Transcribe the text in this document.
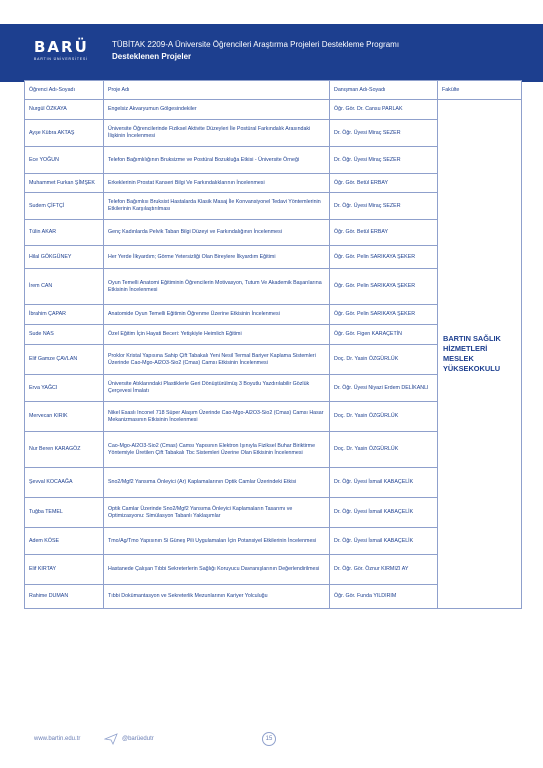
BARÜ
BARTIN ÜNİVERSİTESİ
TÜBİTAK 2209-A Üniversite Öğrencileri Araştırma Projeleri Destekleme Programı
Desteklenen Projeler
Öğrenci Adı-Soyadı	Proje Adı	Danışman Adı-Soyadı	Fakülte
Nurgül ÖZKAYA	Engelsiz Akvaryumun Gölgesindekiler	Öğr. Gör. Dr. Cansu PARLAK	BARTIN SAĞLIK HİZMETLERİ MESLEK YÜKSEKOKULU
Ayşe Kübra AKTAŞ	Üniversite Öğrencilerinde Fiziksel Aktivite Düzeyleri İle Postüral Farkındalık Arasındaki İlişkinin İncelenmesi	Dr. Öğr. Üyesi Miraç SEZER	
Ece YOĞUN	Telefon Bağımlılığının Bruksizme ve Postüral Bozukluğa Etkisi - Üniversite Örneği	Dr. Öğr. Üyesi Miraç SEZER	
Muhammet Furkan ŞİMŞEK	Erkeklerinin Prostat Kanseri Bilgi Ve Farkındalıklarının İncelenmesi	Öğr. Gör. Betül ERBAY	
Sudem ÇİFTÇİ	Telefon Bağımlısı Bruksist Hastalarda Klasik Masaj İle Konvansiyonel Tedavi Yöntemlerinin Etkilerinin Karşılaştırılması	Dr. Öğr. Üyesi Miraç SEZER	
Tülin AKAR	Genç Kadınlarda Pelvik Taban Bilgi Düzeyi ve Farkındalığının İncelenmesi	Öğr. Gör. Betül ERBAY	
Hilal GÖKGÜNEY	Her Yerde İlkyardım; Görme Yetersizliği Olan Bireylere İlkyardım Eğitimi	Öğr. Gör. Pelin SARIKAYA ŞEKER	
İrem CAN	Oyun Temelli Anatomi Eğitiminin Öğrencilerin Motivasyon, Tutum Ve Akademik Başarılarına Etkisinin İncelenmesi	Öğr. Gör. Pelin SARIKAYA ŞEKER	
İbrahim ÇAPAR	Anatomide Oyun Temelli Eğitimin Öğrenme Üzerine Etkisinin İncelenmesi	Öğr. Gör. Pelin SARIKAYA ŞEKER	
Sude NAS	Özel Eğitim İçin Hayati Beceri: Yetişkiyle Heimlich Eğitimi	Öğr. Gör. Figen KARAÇETİN	
Elif Gamze ÇAVLAN	Proklor Kristal Yapısına Sahip Çift Tabakalı Yeni Nesil Termal Bariyer Kaplama Sistemleri Üzerinde Cao-Mgo-Al2O3-Sio2 (Cmas) Camsı Etkisinin İncelenmesi	Doç. Dr. Yasin ÖZGÜRLÜK	
Erva YAĞCI	Üniversite Atıklarındaki Plastiklerle Geri Dönüştürülmüş 3 Boyutlu Yazdırılabilir Gözlük Çerçevesi İmalatı	Dr. Öğr. Üyesi Niyazi Erdem DELİKANLI	
Mervecan KIRIK	Nikel Esaslı Inconel 718 Süper Alaşım Üzerinde Cao-Mgo-Al2O3-Sio2 (Cmas) Camsı Hasar Mekanizmasının Etkisinin İncelenmesi	Doç. Dr. Yasin ÖZGÜRLÜK	
Nur Beren KARAGÖZ	Cao-Mgo-Al2O3-Sio2 (Cmas) Camsı Yapısının Elektron Işınıyla Fiziksel Buhar Biriktirme Yöntemiyle Üretilen Çift Tabakalı Tbc Sistemleri Üzerine Olan Etkisinin İncelenmesi	Doç. Dr. Yasin ÖZGÜRLÜK	
Şevval KOCAAĞA	Sno2/Mgf2 Yansıma Önleyici (Ar) Kaplamalarının Optik Camlar Üzerindeki Etkisi	Dr. Öğr. Üyesi İsmail KABAÇELİK	
Tuğba TEMEL	Optik Camlar Üzerinde Sno2/Mgf2 Yansıma Önleyici Kaplamaların Tasarımı ve Optimizasyonu: Simülasyon Tabanlı Yaklaşımlar	Dr. Öğr. Üyesi İsmail KABAÇELİK	
Adem KÖSE	Tmo/Ag/Tmo Yapısının Si Güneş Pili Uygulamaları İçin Potansiyel Etkilerinin İncelenmesi	Dr. Öğr. Üyesi İsmail KABAÇELİK	
Elif KIRTAY	Hastanede Çalışan Tıbbi Sekreterlerin Sağlığı Koruyucu Davranışlarının Değerlendirilmesi	Dr. Öğr. Gör. Öznur KIRMIZI AY	
Rahime DUMAN	Tıbbi Dokümantasyon ve Sekreterlik Mezunlarının Kariyer Yolculuğu	Öğr. Gör. Funda YILDIRIM	
www.bartin.edu.tr	@barüedutr	15
